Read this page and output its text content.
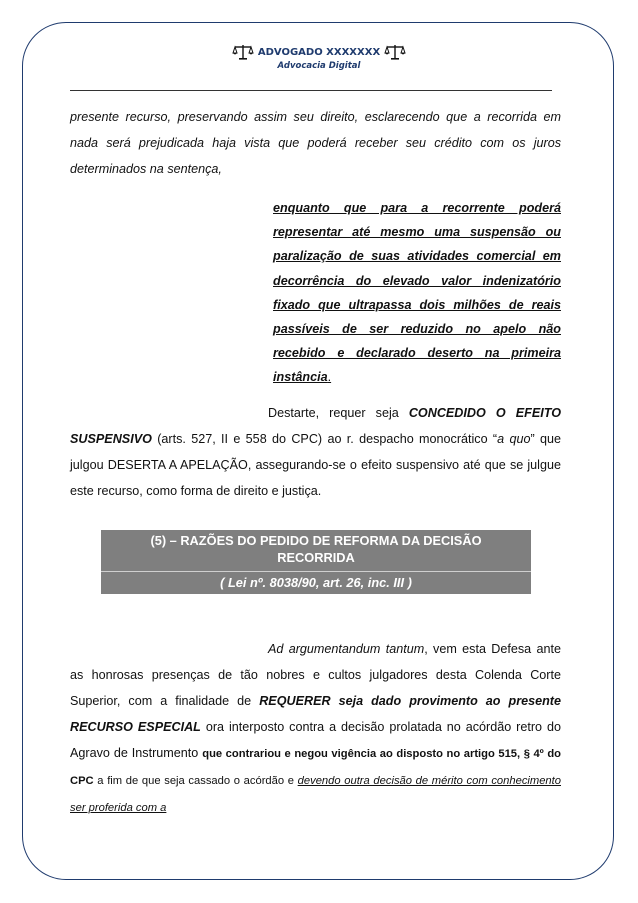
ADVOGADO XXXXXXX
Advocacia Digital

presente recurso, preservando assim seu direito, esclarecendo que a recorrida em nada será prejudicada haja vista que poderá receber seu crédito com os juros determinados na sentença,

enquanto que para a recorrente poderá representar até mesmo uma suspensão ou paralização de suas atividades comercial em decorrência do elevado valor indenizatório fixado que ultrapassa dois milhões de reais passíveis de ser reduzido no apelo não recebido e declarado deserto na primeira instância.

Destarte, requer seja CONCEDIDO O EFEITO SUSPENSIVO (arts. 527, II e 558 do CPC) ao r. despacho monocrático “a quo” que julgou DESERTA A APELAÇÃO, assegurando-se o efeito suspensivo até que se julgue este recurso, como forma de direito e justiça.

(5) – RAZÕES DO PEDIDO DE REFORMA DA DECISÃO
RECORRIDA
( Lei nº. 8038/90, art. 26, inc. III )

Ad argumentandum tantum, vem esta Defesa ante as honrosas presenças de tão nobres e cultos julgadores desta Colenda Corte Superior, com a finalidade de REQUERER seja dado provimento ao presente RECURSO ESPECIAL ora interposto contra a decisão prolatada no acórdão retro do Agravo de Instrumento que contrariou e negou vigência ao disposto no artigo 515, § 4º do CPC a fim de que seja cassado o acórdão e devendo outra decisão de mérito com conhecimento ser proferida com a
